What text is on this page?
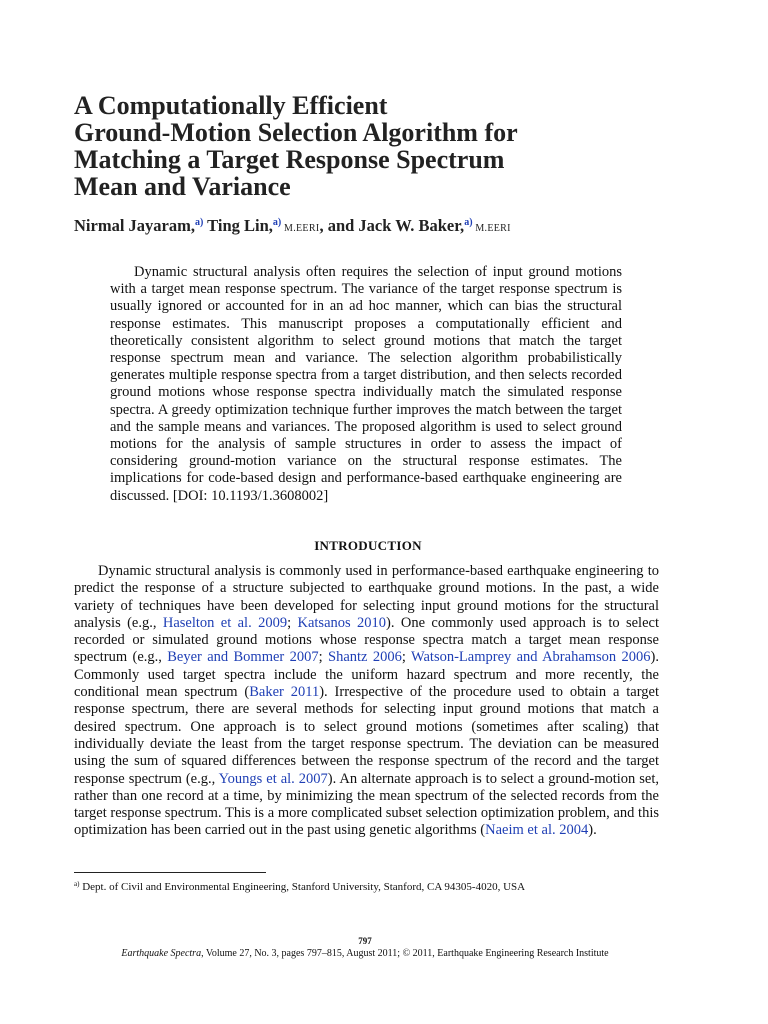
A Computationally Efficient
Ground-Motion Selection Algorithm for
Matching a Target Response Spectrum
Mean and Variance
Nirmal Jayaram,$^{a)}$ Ting Lin,$^{a)}$ M.EERI, and Jack W. Baker,$^{a)}$ M.EERI

Dynamic structural analysis often requires the selection of input ground motions with a target mean response spectrum. The variance of the target response spectrum is usually ignored or accounted for in an ad hoc manner, which can bias the structural response estimates. This manuscript proposes a computationally efficient and theoretically consistent algorithm to select ground motions that match the target response spectrum mean and variance. The selection algorithm probabilistically generates multiple response spectra from a target distribution, and then selects recorded ground motions whose response spectra individually match the simulated response spectra. A greedy optimization technique further improves the match between the target and the sample means and variances. The proposed algorithm is used to select ground motions for the analysis of sample structures in order to assess the impact of considering ground-motion variance on the structural response estimates. The implications for code-based design and performance-based earthquake engineering are discussed. [DOI: 10.1193/1.3608002]

INTRODUCTION

Dynamic structural analysis is commonly used in performance-based earthquake engineering to predict the response of a structure subjected to earthquake ground motions. In the past, a wide variety of techniques have been developed for selecting input ground motions for the structural analysis (e.g., Haselton et al. 2009; Katsanos 2010). One commonly used approach is to select recorded or simulated ground motions whose response spectra match a target mean response spectrum (e.g., Beyer and Bommer 2007; Shantz 2006; Watson-Lamprey and Abrahamson 2006). Commonly used target spectra include the uniform hazard spectrum and more recently, the conditional mean spectrum (Baker 2011). Irrespective of the procedure used to obtain a target response spectrum, there are several methods for selecting input ground motions that match a desired spectrum. One approach is to select ground motions (sometimes after scaling) that individually deviate the least from the target response spectrum. The deviation can be measured using the sum of squared differences between the response spectrum of the record and the target response spectrum (e.g., Youngs et al. 2007). An alternate approach is to select a ground-motion set, rather than one record at a time, by minimizing the mean spectrum of the selected records from the target response spectrum. This is a more complicated subset selection optimization problem, and this optimization has been carried out in the past using genetic algorithms (Naeim et al. 2004).

$^{a)}$ Dept. of Civil and Environmental Engineering, Stanford University, Stanford, CA 94305-4020, USA
797
Earthquake Spectra, Volume 27, No. 3, pages 797–815, August 2011; © 2011, Earthquake Engineering Research Institute
